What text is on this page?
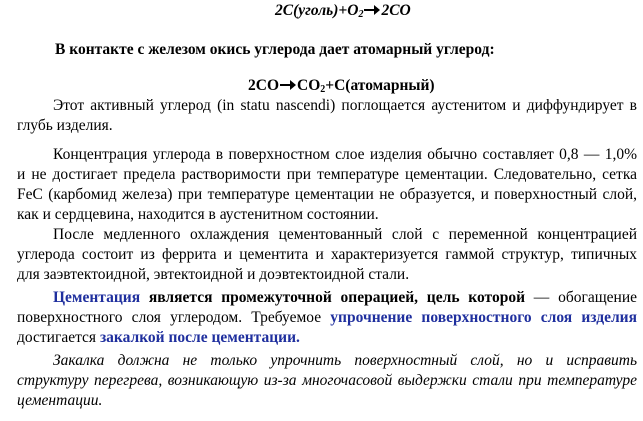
$2C(уголь)+O_2$ 2CO
В контакте с железом окись углерода дает атомарный углерод:
2CO $CO_2+C(атомарный)$
Этот активный углерод (in statu nascendi) поглощается аустенитом и диффундирует в
глубь изделия.
Концентрация углерода в поверхностном слое изделия обычно составляет 0,8 — 1,0%
и не достигает предела растворимости при температуре цементации. Следовательно, сетка
FeC (карбомид железа) при температуре цементации не образуется, и поверхностный слой,
как и сердцевина, находится в аустенитном состоянии.
После медленного охлаждения цементованный слой с переменной концентрацией
углерода состоит из феррита и цементита и характеризуется гаммой структур, типичных
для заэвтектоидной, эвтектоидной и доэвтектоидной стали.
Цементация является промежуточной операцией, цель которой — обогащение
поверхностного слоя углеродом. Требуемое упрочнение поверхностного слоя изделия
достигается закалкой после цементации.
Закалка должна не только упрочнить поверхностный слой, но и исправить
структуру перегрева, возникающую из-за многочасовой выдержки стали при температуре
цементации.
